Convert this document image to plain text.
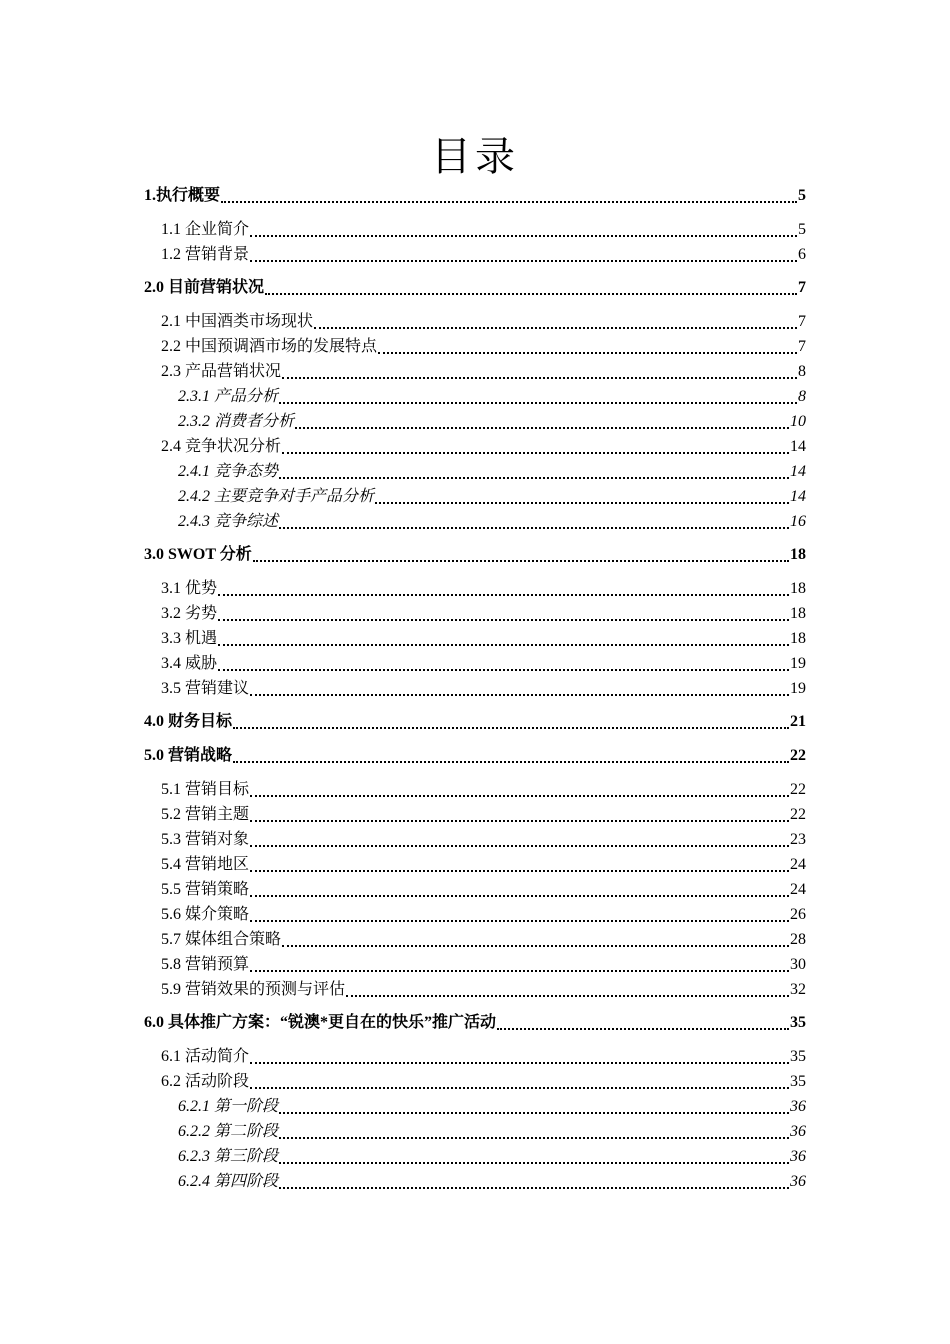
目录
1.执行概要	5
1.1 企业简介	5
1.2 营销背景	6
2.0 目前营销状况	7
2.1 中国酒类市场现状	7
2.2 中国预调酒市场的发展特点	7
2.3 产品营销状况	8
2.3.1 产品分析	8
2.3.2 消费者分析	10
2.4 竞争状况分析	14
2.4.1 竞争态势	14
2.4.2 主要竞争对手产品分析	14
2.4.3 竞争综述	16
3.0 SWOT 分析	18
3.1 优势	18
3.2 劣势	18
3.3 机遇	18
3.4 威胁	19
3.5 营销建议	19
4.0 财务目标	21
5.0 营销战略	22
5.1 营销目标	22
5.2 营销主题	22
5.3 营销对象	23
5.4 营销地区	24
5.5 营销策略	24
5.6 媒介策略	26
5.7 媒体组合策略	28
5.8 营销预算	30
5.9 营销效果的预测与评估	32
6.0 具体推广方案：“锐澳*更自在的快乐”推广活动	35
6.1 活动简介	35
6.2 活动阶段	35
6.2.1 第一阶段	36
6.2.2 第二阶段	36
6.2.3 第三阶段	36
6.2.4 第四阶段	36
